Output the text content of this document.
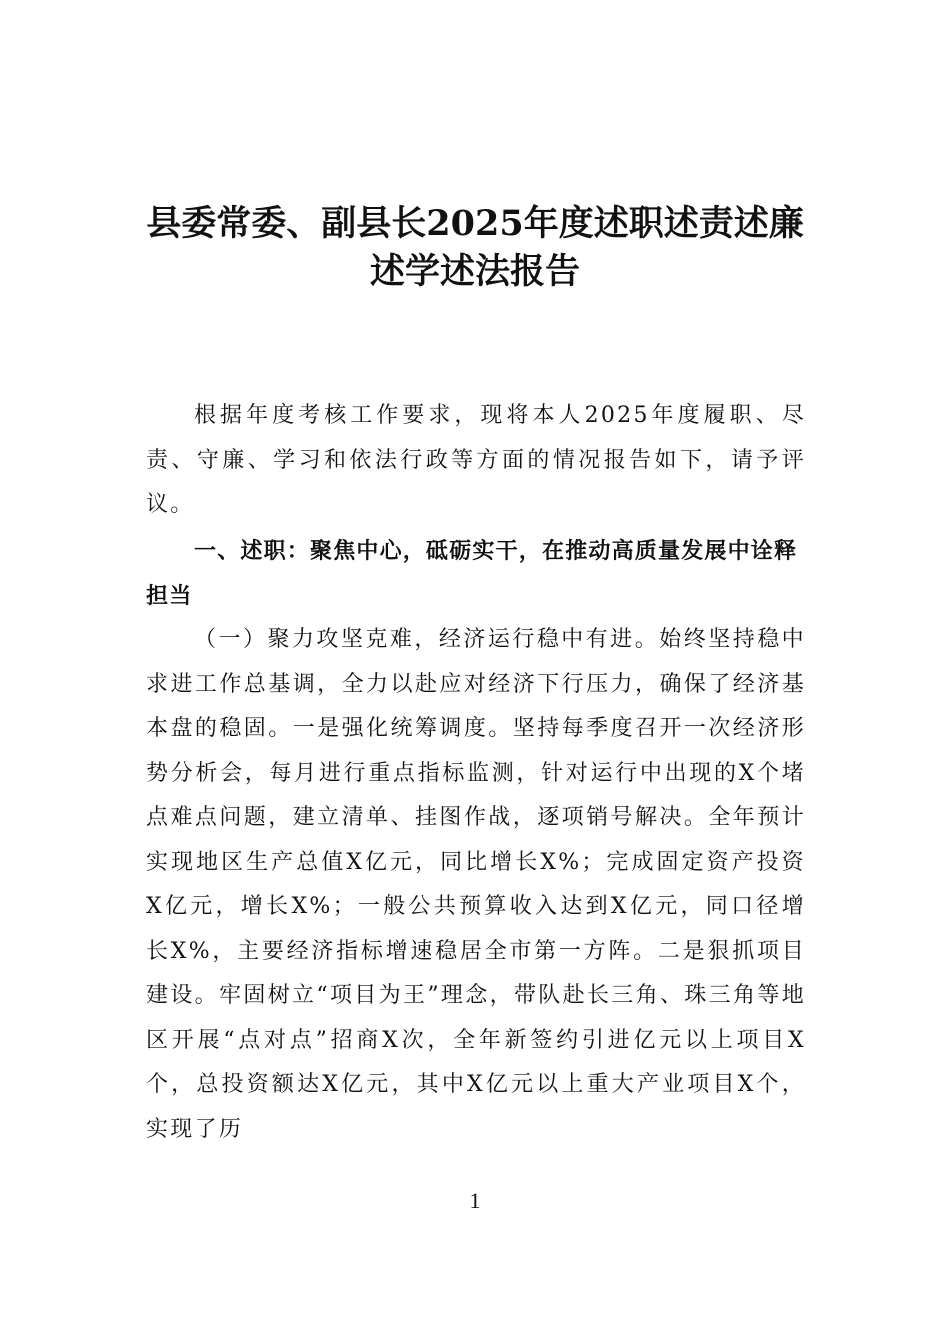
县委常委、副县长2025年度述职述责述廉
述学述法报告

根据年度考核工作要求，现将本人2025年度履职、尽责、守廉、学习和依法行政等方面的情况报告如下，请予评议。

一、述职：聚焦中心，砥砺实干，在推动高质量发展中诠释担当

（一）聚力攻坚克难，经济运行稳中有进。始终坚持稳中求进工作总基调，全力以赴应对经济下行压力，确保了经济基本盘的稳固。一是强化统筹调度。坚持每季度召开一次经济形势分析会，每月进行重点指标监测，针对运行中出现的X个堵点难点问题，建立清单、挂图作战，逐项销号解决。全年预计实现地区生产总值X亿元，同比增长X%；完成固定资产投资X亿元，增长X%；一般公共预算收入达到X亿元，同口径增长X%，主要经济指标增速稳居全市第一方阵。二是狠抓项目建设。牢固树立“项目为王”理念，带队赴长三角、珠三角等地区开展“点对点”招商X次，全年新签约引进亿元以上项目X个，总投资额达X亿元，其中X亿元以上重大产业项目X个，实现了历

1
